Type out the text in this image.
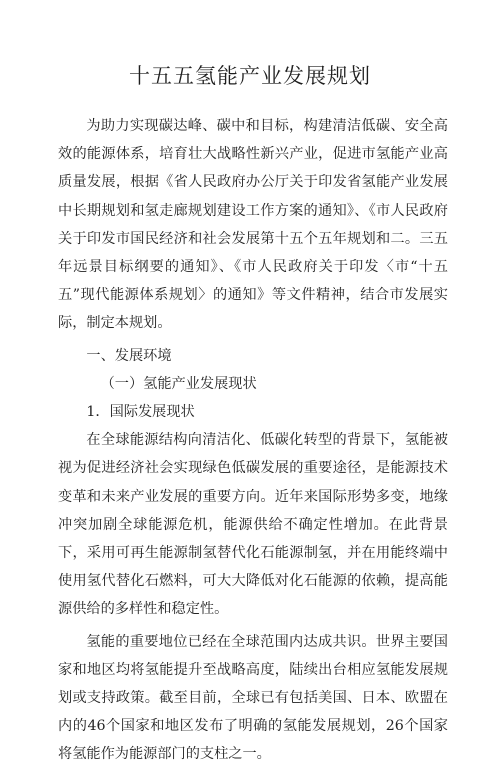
十五五氢能产业发展规划

为助力实现碳达峰、碳中和目标，构建清洁低碳、安全高效的能源体系，培育壮大战略性新兴产业，促进市氢能产业高质量发展，根据《省人民政府办公厅关于印发省氢能产业发展中长期规划和氢走廊规划建设工作方案的通知》、《市人民政府关于印发市国民经济和社会发展第十五个五年规划和二。三五年远景目标纲要的通知》、《市人民政府关于印发〈市“十五五”现代能源体系规划〉的通知》等文件精神，结合市发展实际，制定本规划。

一、发展环境

（一）氢能产业发展现状

1．国际发展现状

在全球能源结构向清洁化、低碳化转型的背景下，氢能被视为促进经济社会实现绿色低碳发展的重要途径，是能源技术变革和未来产业发展的重要方向。近年来国际形势多变，地缘冲突加剧全球能源危机，能源供给不确定性增加。在此背景下，采用可再生能源制氢替代化石能源制氢，并在用能终端中使用氢代替化石燃料，可大大降低对化石能源的依赖，提高能源供给的多样性和稳定性。

氢能的重要地位已经在全球范围内达成共识。世界主要国家和地区均将氢能提升至战略高度，陆续出台相应氢能发展规划或支持政策。截至目前，全球已有包括美国、日本、欧盟在内的46个国家和地区发布了明确的氢能发展规划，26个国家将氢能作为能源部门的支柱之一。
